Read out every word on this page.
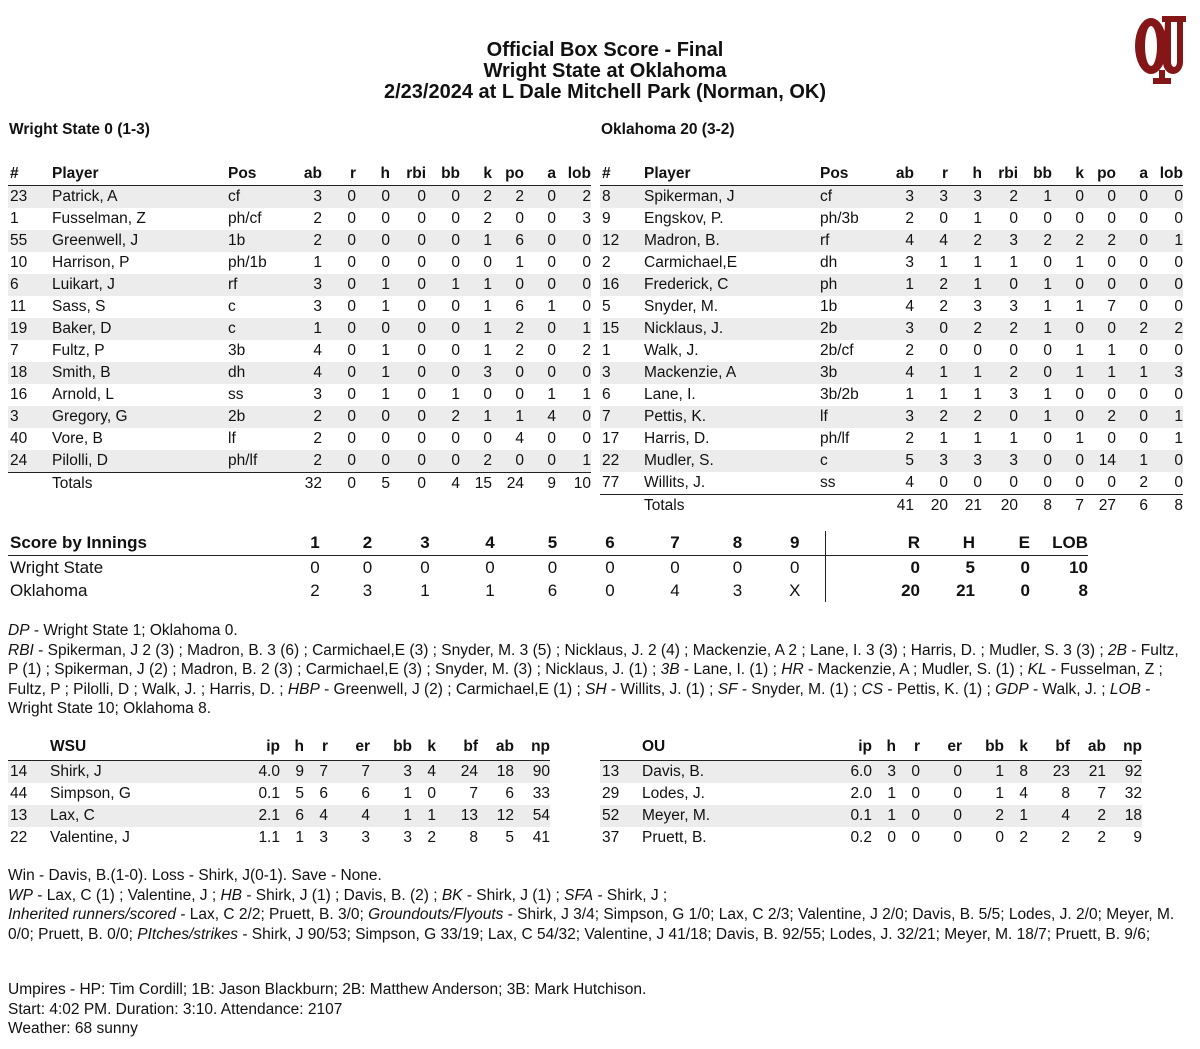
Official Box Score - Final
Wright State at Oklahoma
2/23/2024 at L Dale Mitchell Park (Norman, OK)
Wright State 0 (1-3)	Oklahoma 20 (3-2)
#	Player	Pos	ab	r	h	rbi	bb	k	po	a	lob
23	Patrick, A	cf	3	0	0	0	0	2	2	0	2
1	Fusselman, Z	ph/cf	2	0	0	0	0	2	0	0	3
55	Greenwell, J	1b	2	0	0	0	0	1	6	0	0
10	Harrison, P	ph/1b	1	0	0	0	0	0	1	0	0
6	Luikart, J	rf	3	0	1	0	1	1	0	0	0
11	Sass, S	c	3	0	1	0	0	1	6	1	0
19	Baker, D	c	1	0	0	0	0	1	2	0	1
7	Fultz, P	3b	4	0	1	0	0	1	2	0	2
18	Smith, B	dh	4	0	1	0	0	3	0	0	0
16	Arnold, L	ss	3	0	1	0	1	0	0	1	1
3	Gregory, G	2b	2	0	0	0	2	1	1	4	0
40	Vore, B	lf	2	0	0	0	0	0	4	0	0
24	Pilolli, D	ph/lf	2	0	0	0	0	2	0	0	1
	Totals		32	0	5	0	4	15	24	9	10
#	Player	Pos	ab	r	h	rbi	bb	k	po	a	lob
8	Spikerman, J	cf	3	3	3	2	1	0	0	0	0
9	Engskov, P.	ph/3b	2	0	1	0	0	0	0	0	0
12	Madron, B.	rf	4	4	2	3	2	2	2	0	1
2	Carmichael,E	dh	3	1	1	1	0	1	0	0	0
16	Frederick, C	ph	1	2	1	0	1	0	0	0	0
5	Snyder, M.	1b	4	2	3	3	1	1	7	0	0
15	Nicklaus, J.	2b	3	0	2	2	1	0	0	2	2
1	Walk, J.	2b/cf	2	0	0	0	0	1	1	0	0
3	Mackenzie, A	3b	4	1	1	2	0	1	1	1	3
6	Lane, I.	3b/2b	1	1	1	3	1	0	0	0	0
7	Pettis, K.	lf	3	2	2	0	1	0	2	0	1
17	Harris, D.	ph/lf	2	1	1	1	0	1	0	0	1
22	Mudler, S.	c	5	3	3	3	0	0	14	1	0
77	Willits, J.	ss	4	0	0	0	0	0	0	2	0
	Totals		41	20	21	20	8	7	27	6	8
Score by Innings	1	2	3	4	5	6	7	8	9	R	H	E	LOB
Wright State	0	0	0	0	0	0	0	0	0	0	5	0	10
Oklahoma	2	3	1	1	6	0	4	3	X	20	21	0	8
DP - Wright State 1; Oklahoma 0.
RBI - Spikerman, J 2 (3) ; Madron, B. 3 (6) ; Carmichael,E (3) ; Snyder, M. 3 (5) ; Nicklaus, J. 2 (4) ; Mackenzie, A 2 ; Lane, I. 3 (3) ; Harris, D. ; Mudler, S. 3 (3) ; 2B - Fultz, P (1) ; Spikerman, J (2) ; Madron, B. 2 (3) ; Carmichael,E (3) ; Snyder, M. (3) ; Nicklaus, J. (1) ; 3B - Lane, I. (1) ; HR - Mackenzie, A ; Mudler, S. (1) ; KL - Fusselman, Z ; Fultz, P ; Pilolli, D ; Walk, J. ; Harris, D. ; HBP - Greenwell, J (2) ; Carmichael,E (1) ; SH - Willits, J. (1) ; SF - Snyder, M. (1) ; CS - Pettis, K. (1) ; GDP - Walk, J. ; LOB - Wright State 10; Oklahoma 8.
	WSU	ip	h	r	er	bb	k	bf	ab	np
14	Shirk, J	4.0	9	7	7	3	4	24	18	90
44	Simpson, G	0.1	5	6	6	1	0	7	6	33
13	Lax, C	2.1	6	4	4	1	1	13	12	54
22	Valentine, J	1.1	1	3	3	3	2	8	5	41
	OU	ip	h	r	er	bb	k	bf	ab	np
13	Davis, B.	6.0	3	0	0	1	8	23	21	92
29	Lodes, J.	2.0	1	0	0	1	4	8	7	32
52	Meyer, M.	0.1	1	0	0	2	1	4	2	18
37	Pruett, B.	0.2	0	0	0	0	2	2	2	9
Win - Davis, B.(1-0). Loss - Shirk, J(0-1). Save - None.
WP - Lax, C (1) ; Valentine, J ; HB - Shirk, J (1) ; Davis, B. (2) ; BK - Shirk, J (1) ; SFA - Shirk, J ;
Inherited runners/scored - Lax, C 2/2; Pruett, B. 3/0; Groundouts/Flyouts - Shirk, J 3/4; Simpson, G 1/0; Lax, C 2/3; Valentine, J 2/0; Davis, B. 5/5; Lodes, J. 2/0; Meyer, M. 0/0; Pruett, B. 0/0; PItches/strikes - Shirk, J 90/53; Simpson, G 33/19; Lax, C 54/32; Valentine, J 41/18; Davis, B. 92/55; Lodes, J. 32/21; Meyer, M. 18/7; Pruett, B. 9/6;
Umpires - HP: Tim Cordill; 1B: Jason Blackburn; 2B: Matthew Anderson; 3B: Mark Hutchison.
Start: 4:02 PM. Duration: 3:10. Attendance: 2107
Weather: 68 sunny
